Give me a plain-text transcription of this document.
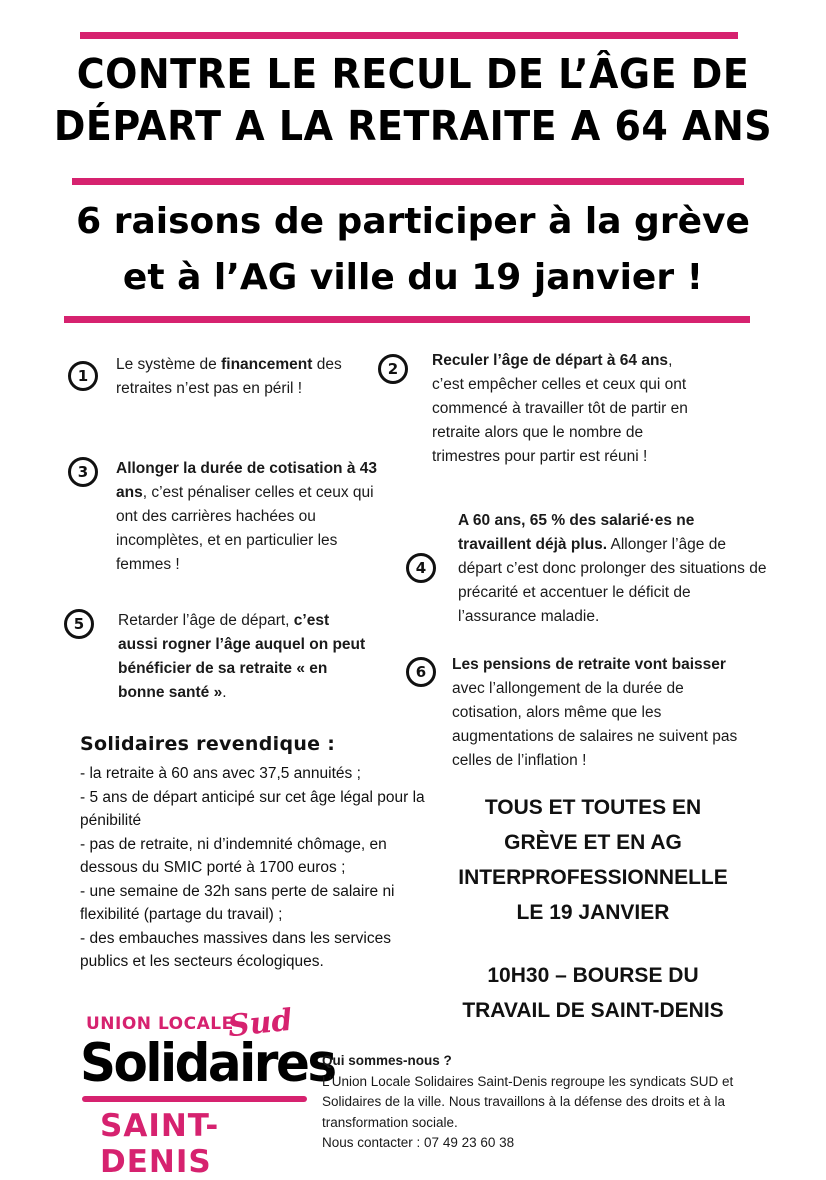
CONTRE LE RECUL DE L’ÂGE DE
DÉPART A LA RETRAITE A 64 ANS
6 raisons de participer à la grève
et à l’AG ville du 19 janvier !
1
Le système de financement des retraites n’est pas en péril !
2	Reculer l’âge de départ à 64 ans, c’est empêcher celles et ceux qui ont commencé à travailler tôt de partir en retraite alors que le nombre de trimestres pour partir est réuni !
3	Allonger la durée de cotisation à 43 ans, c’est pénaliser celles et ceux qui ont des carrières hachées ou incomplètes, et en particulier les femmes !	4
A 60 ans, 65 % des salarié·es ne travaillent déjà plus. Allonger l’âge de départ c’est donc prolonger des situations de précarité et accentuer le déficit de l’assurance maladie.
5	Retarder l’âge de départ, c’est aussi rogner l’âge auquel on peut bénéficier de sa retraite « en bonne santé ».
6	Les pensions de retraite vont baisser avec l’allongement de la durée de cotisation, alors même que les augmentations de salaires ne suivent pas celles de l’inflation !
Solidaires revendique :
- la retraite à 60 ans avec 37,5 annuités ;
- 5 ans de départ anticipé sur cet âge légal pour la pénibilité
- pas de retraite, ni d’indemnité chômage, en dessous du SMIC porté à 1700 euros ;
- une semaine de 32h sans perte de salaire ni flexibilité (partage du travail) ;
- des embauches massives dans les services publics et les secteurs écologiques.
TOUS ET TOUTES EN
GRÈVE ET EN AG
INTERPROFESSIONNELLE
LE 19 JANVIER
10H30 – BOURSE DU
TRAVAIL DE SAINT-DENIS
UNION LOCALE
Sud
Solidaires
SAINT-DENIS
Qui sommes-nous ?
L’Union Locale Solidaires Saint-Denis regroupe les syndicats SUD et Solidaires de la ville. Nous travaillons à la défense des droits et à la transformation sociale.
Nous contacter : 07 49 23 60 38
